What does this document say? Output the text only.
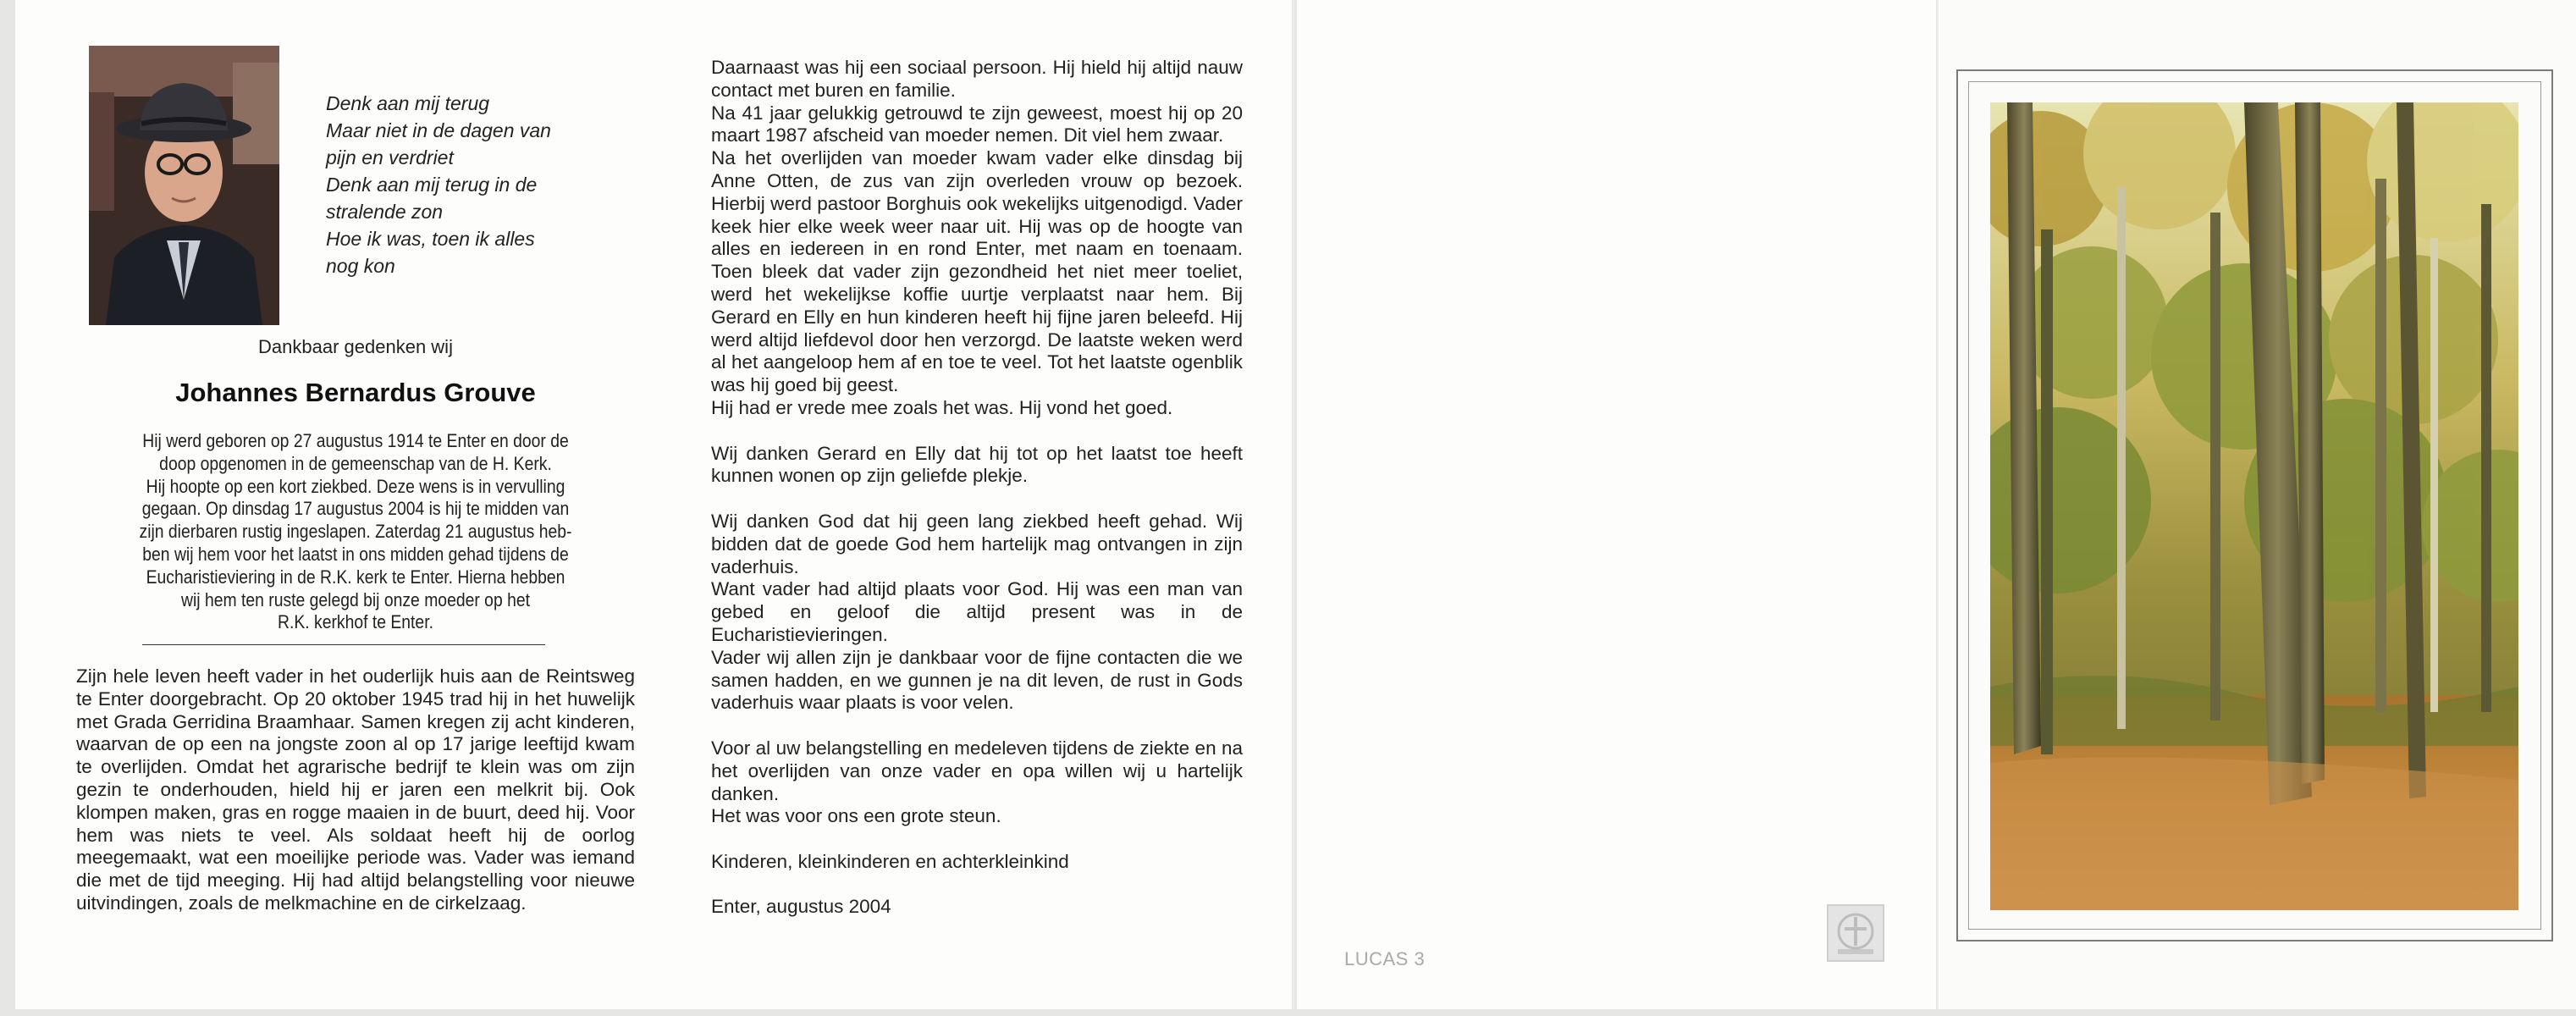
Denk aan mij terug
Maar niet in de dagen van
pijn en verdriet
Denk aan mij terug in de
stralende zon
Hoe ik was, toen ik alles
nog kon
Dankbaar gedenken wij
Johannes Bernardus Grouve
Hij werd geboren op 27 augustus 1914 te Enter en door de
doop opgenomen in de gemeenschap van de H. Kerk.
Hij hoopte op een kort ziekbed. Deze wens is in vervulling
gegaan. Op dinsdag 17 augustus 2004 is hij te midden van
zijn dierbaren rustig ingeslapen. Zaterdag 21 augustus heb-
ben wij hem voor het laatst in ons midden gehad tijdens de
Eucharistieviering in de R.K. kerk te Enter. Hierna hebben
wij hem ten ruste gelegd bij onze moeder op het
R.K. kerkhof te Enter.
Zijn hele leven heeft vader in het ouderlijk huis aan de Reintsweg te Enter doorgebracht. Op 20 oktober 1945 trad hij in het huwelijk met Grada Gerridina Braamhaar. Samen kregen zij acht kinderen, waarvan de op een na jongste zoon al op 17 jarige leeftijd kwam te overlijden. Omdat het agrarische bedrijf te klein was om zijn gezin te onderhouden, hield hij er jaren een melkrit bij. Ook klompen maken, gras en rogge maaien in de buurt, deed hij. Voor hem was niets te veel. Als soldaat heeft hij de oorlog meegemaakt, wat een moeilijke periode was. Vader was iemand die met de tijd meeging. Hij had altijd belangstelling voor nieuwe uitvindingen, zoals de melkmachine en de cirkelzaag.

Daarnaast was hij een sociaal persoon. Hij hield hij altijd nauw contact met buren en familie.

Na 41 jaar gelukkig getrouwd te zijn geweest, moest hij op 20 maart 1987 afscheid van moeder nemen. Dit viel hem zwaar.

Na het overlijden van moeder kwam vader elke dinsdag bij Anne Otten, de zus van zijn overleden vrouw op bezoek. Hierbij werd pastoor Borghuis ook wekelijks uitgenodigd. Vader keek hier elke week weer naar uit. Hij was op de hoogte van alles en iedereen in en rond Enter, met naam en toenaam. Toen bleek dat vader zijn gezondheid het niet meer toeliet, werd het wekelijkse koffie uurtje verplaatst naar hem. Bij Gerard en Elly en hun kinderen heeft hij fijne jaren beleefd. Hij werd altijd liefdevol door hen verzorgd. De laatste weken werd al het aangeloop hem af en toe te veel. Tot het laatste ogenblik was hij goed bij geest.

Hij had er vrede mee zoals het was. Hij vond het goed.

Wij danken Gerard en Elly dat hij tot op het laatst toe heeft kunnen wonen op zijn geliefde plekje.

Wij danken God dat hij geen lang ziekbed heeft gehad. Wij bidden dat de goede God hem hartelijk mag ontvangen in zijn vaderhuis.

Want vader had altijd plaats voor God. Hij was een man van gebed en geloof die altijd present was in de Eucharistievieringen.

Vader wij allen zijn je dankbaar voor de fijne contacten die we samen hadden, en we gunnen je na dit leven, de rust in Gods vaderhuis waar plaats is voor velen.

Voor al uw belangstelling en medeleven tijdens de ziekte en na het overlijden van onze vader en opa willen wij u hartelijk danken.

Het was voor ons een grote steun.

Kinderen, kleinkinderen en achterkleinkind

Enter, augustus 2004

LUCAS 3
